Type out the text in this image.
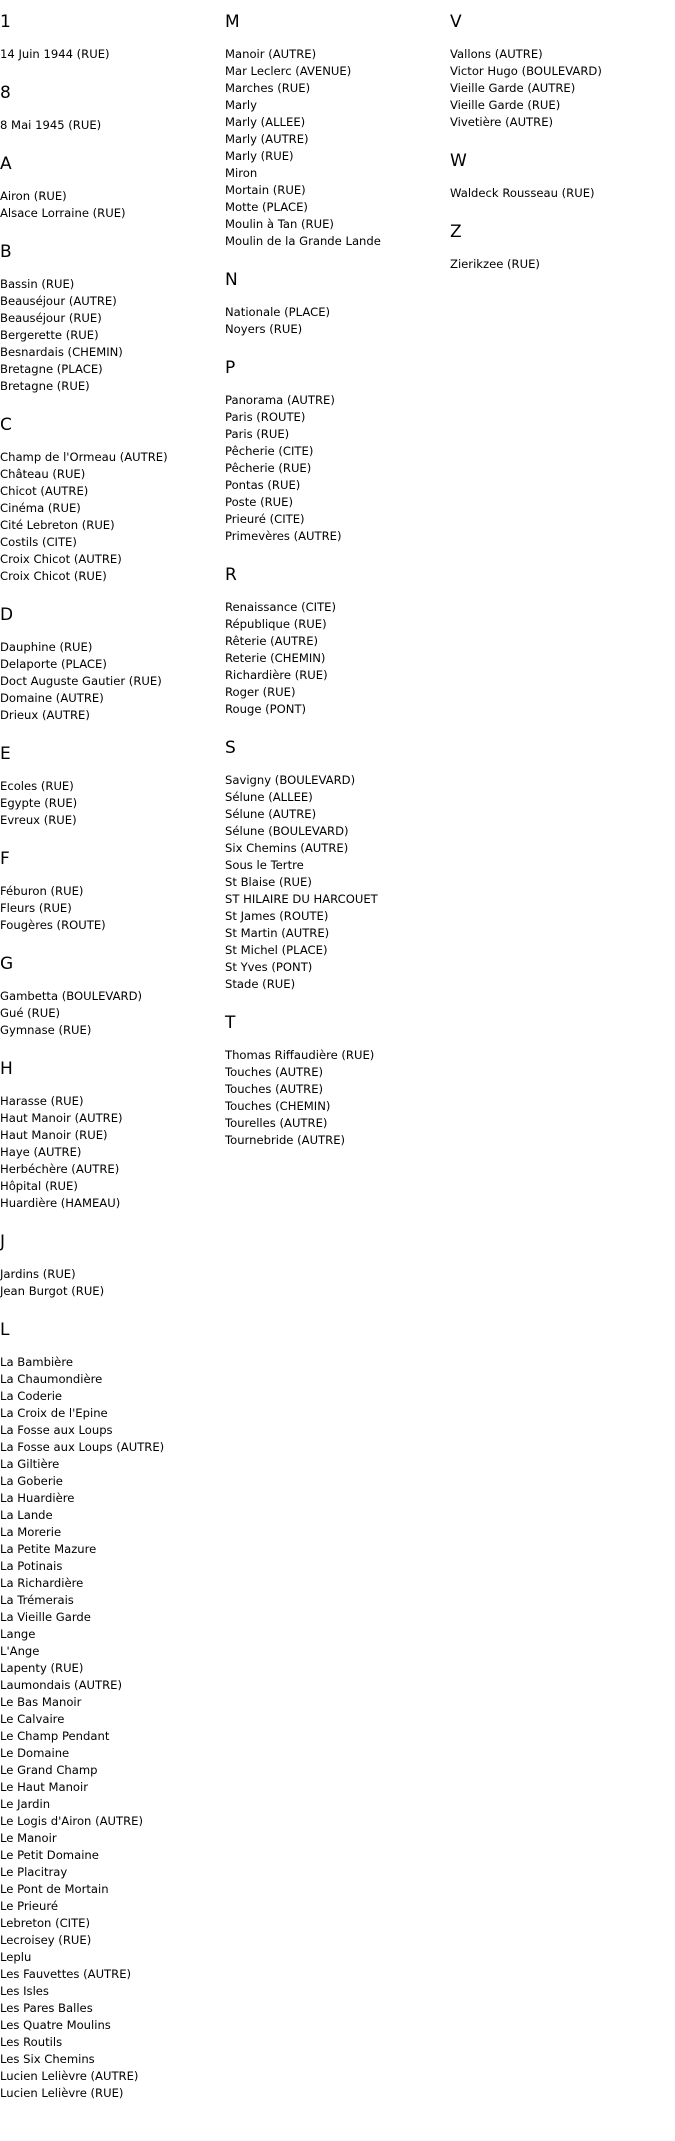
1
14 Juin 1944 (RUE)
8
8 Mai 1945 (RUE)
A
Airon (RUE)
Alsace Lorraine (RUE)
B
Bassin (RUE)
Beauséjour (AUTRE)
Beauséjour (RUE)
Bergerette (RUE)
Besnardais (CHEMIN)
Bretagne (PLACE)
Bretagne (RUE)
C
Champ de l'Ormeau (AUTRE)
Château (RUE)
Chicot (AUTRE)
Cinéma (RUE)
Cité Lebreton (RUE)
Costils (CITE)
Croix Chicot (AUTRE)
Croix Chicot (RUE)
D
Dauphine (RUE)
Delaporte (PLACE)
Doct Auguste Gautier (RUE)
Domaine (AUTRE)
Drieux (AUTRE)
E
Ecoles (RUE)
Egypte (RUE)
Evreux (RUE)
F
Féburon (RUE)
Fleurs (RUE)
Fougères (ROUTE)
G
Gambetta (BOULEVARD)
Gué (RUE)
Gymnase (RUE)
H
Harasse (RUE)
Haut Manoir (AUTRE)
Haut Manoir (RUE)
Haye (AUTRE)
Herbéchère (AUTRE)
Hôpital (RUE)
Huardière (HAMEAU)
J
Jardins (RUE)
Jean Burgot (RUE)
L
La Bambière
La Chaumondière
La Coderie
La Croix de l'Epine
La Fosse aux Loups
La Fosse aux Loups (AUTRE)
La Giltière
La Goberie
La Huardière
La Lande
La Morerie
La Petite Mazure
La Potinais
La Richardière
La Trémerais
La Vieille Garde
Lange
L'Ange
Lapenty (RUE)
Laumondais (AUTRE)
Le Bas Manoir
Le Calvaire
Le Champ Pendant
Le Domaine
Le Grand Champ
Le Haut Manoir
Le Jardin
Le Logis d'Airon (AUTRE)
Le Manoir
Le Petit Domaine
Le Placitray
Le Pont de Mortain
Le Prieuré
Lebreton (CITE)
Lecroisey (RUE)
Leplu
Les Fauvettes (AUTRE)
Les Isles
Les Pares Balles
Les Quatre Moulins
Les Routils
Les Six Chemins
Lucien Lelièvre (AUTRE)
Lucien Lelièvre (RUE)
M
Manoir (AUTRE)
Mar Leclerc (AVENUE)
Marches (RUE)
Marly
Marly (ALLEE)
Marly (AUTRE)
Marly (RUE)
Miron
Mortain (RUE)
Motte (PLACE)
Moulin à Tan (RUE)
Moulin de la Grande Lande
N
Nationale (PLACE)
Noyers (RUE)
P
Panorama (AUTRE)
Paris (ROUTE)
Paris (RUE)
Pêcherie (CITE)
Pêcherie (RUE)
Pontas (RUE)
Poste (RUE)
Prieuré (CITE)
Primevères (AUTRE)
R
Renaissance (CITE)
République (RUE)
Rêterie (AUTRE)
Reterie (CHEMIN)
Richardière (RUE)
Roger (RUE)
Rouge (PONT)
S
Savigny (BOULEVARD)
Sélune (ALLEE)
Sélune (AUTRE)
Sélune (BOULEVARD)
Six Chemins (AUTRE)
Sous le Tertre
St Blaise (RUE)
ST HILAIRE DU HARCOUET
St James (ROUTE)
St Martin (AUTRE)
St Michel (PLACE)
St Yves (PONT)
Stade (RUE)
T
Thomas Riffaudière (RUE)
Touches (AUTRE)
Touches (AUTRE)
Touches (CHEMIN)
Tourelles (AUTRE)
Tournebride (AUTRE)
V
Vallons (AUTRE)
Victor Hugo (BOULEVARD)
Vieille Garde (AUTRE)
Vieille Garde (RUE)
Vivetière (AUTRE)
W
Waldeck Rousseau (RUE)
Z
Zierikzee (RUE)
